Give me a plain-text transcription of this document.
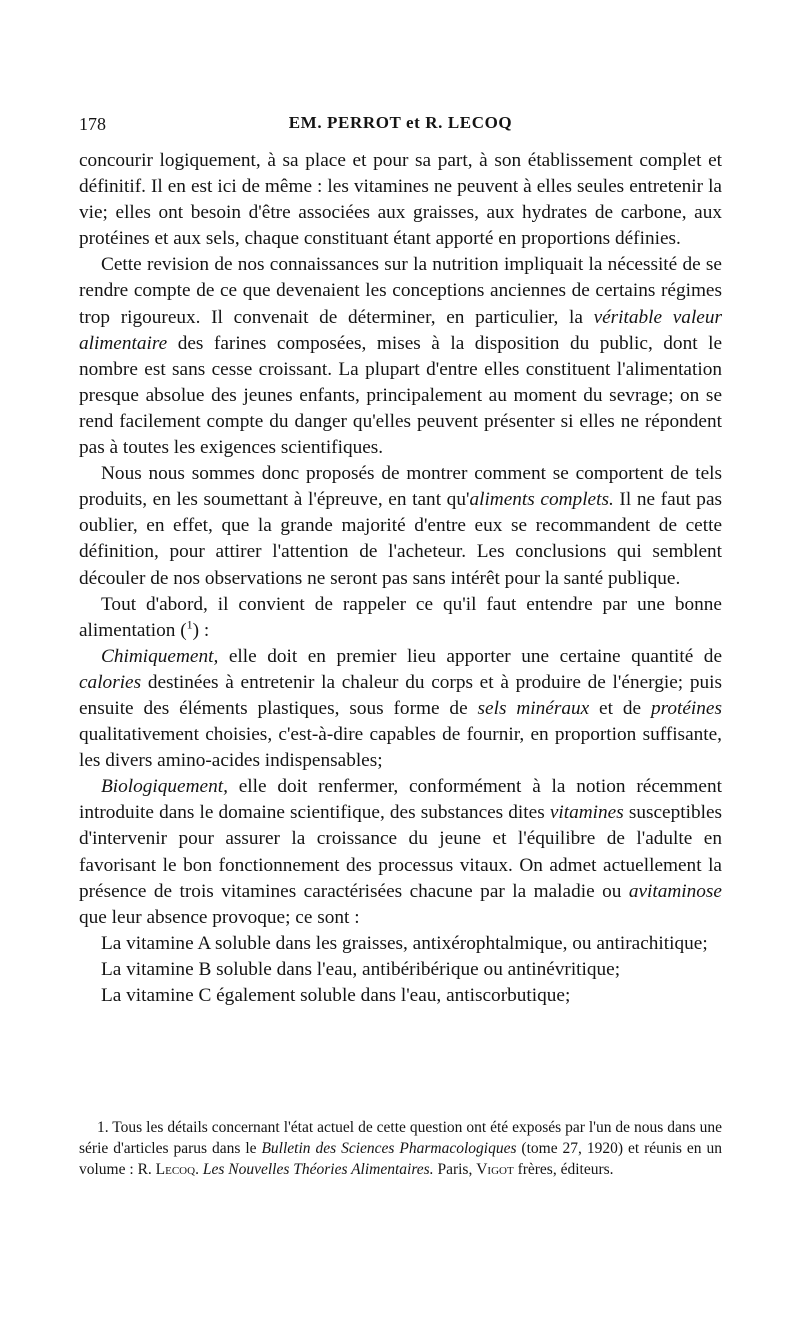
178	EM. PERROT et R. LECOQ

concourir logiquement, à sa place et pour sa part, à son établissement complet et définitif. Il en est ici de même : les vitamines ne peuvent à elles seules entretenir la vie; elles ont besoin d'être associées aux graisses, aux hydrates de carbone, aux protéines et aux sels, chaque constituant étant apporté en proportions définies.

Cette revision de nos connaissances sur la nutrition impliquait la nécessité de se rendre compte de ce que devenaient les conceptions anciennes de certains régimes trop rigoureux. Il convenait de déterminer, en particulier, la véritable valeur alimentaire des farines composées, mises à la disposition du public, dont le nombre est sans cesse croissant. La plupart d'entre elles constituent l'alimentation presque absolue des jeunes enfants, principalement au moment du sevrage; on se rend facilement compte du danger qu'elles peuvent présenter si elles ne répondent pas à toutes les exigences scientifiques.

Nous nous sommes donc proposés de montrer comment se comportent de tels produits, en les soumettant à l'épreuve, en tant qu'aliments complets. Il ne faut pas oublier, en effet, que la grande majorité d'entre eux se recommandent de cette définition, pour attirer l'attention de l'acheteur. Les conclusions qui semblent découler de nos observations ne seront pas sans intérêt pour la santé publique.

Tout d'abord, il convient de rappeler ce qu'il faut entendre par une bonne alimentation ($^1$) :

Chimiquement, elle doit en premier lieu apporter une certaine quantité de calories destinées à entretenir la chaleur du corps et à produire de l'énergie; puis ensuite des éléments plastiques, sous forme de sels minéraux et de protéines qualitativement choisies, c'est-à-dire capables de fournir, en proportion suffisante, les divers amino-acides indispensables;

Biologiquement, elle doit renfermer, conformément à la notion récemment introduite dans le domaine scientifique, des substances dites vitamines susceptibles d'intervenir pour assurer la croissance du jeune et l'équilibre de l'adulte en favorisant le bon fonctionnement des processus vitaux. On admet actuellement la présence de trois vitamines caractérisées chacune par la maladie ou avitaminose que leur absence provoque; ce sont :

La vitamine A soluble dans les graisses, antixérophtalmique, ou antirachitique;

La vitamine B soluble dans l'eau, antibéribérique ou antinévritique;

La vitamine C également soluble dans l'eau, antiscorbutique;

1. Tous les détails concernant l'état actuel de cette question ont été exposés par l'un de nous dans une série d'articles parus dans le Bulletin des Sciences Pharmacologiques (tome 27, 1920) et réunis en un volume : R. Lecoq. Les Nouvelles Théories Alimentaires. Paris, Vigot frères, éditeurs.
